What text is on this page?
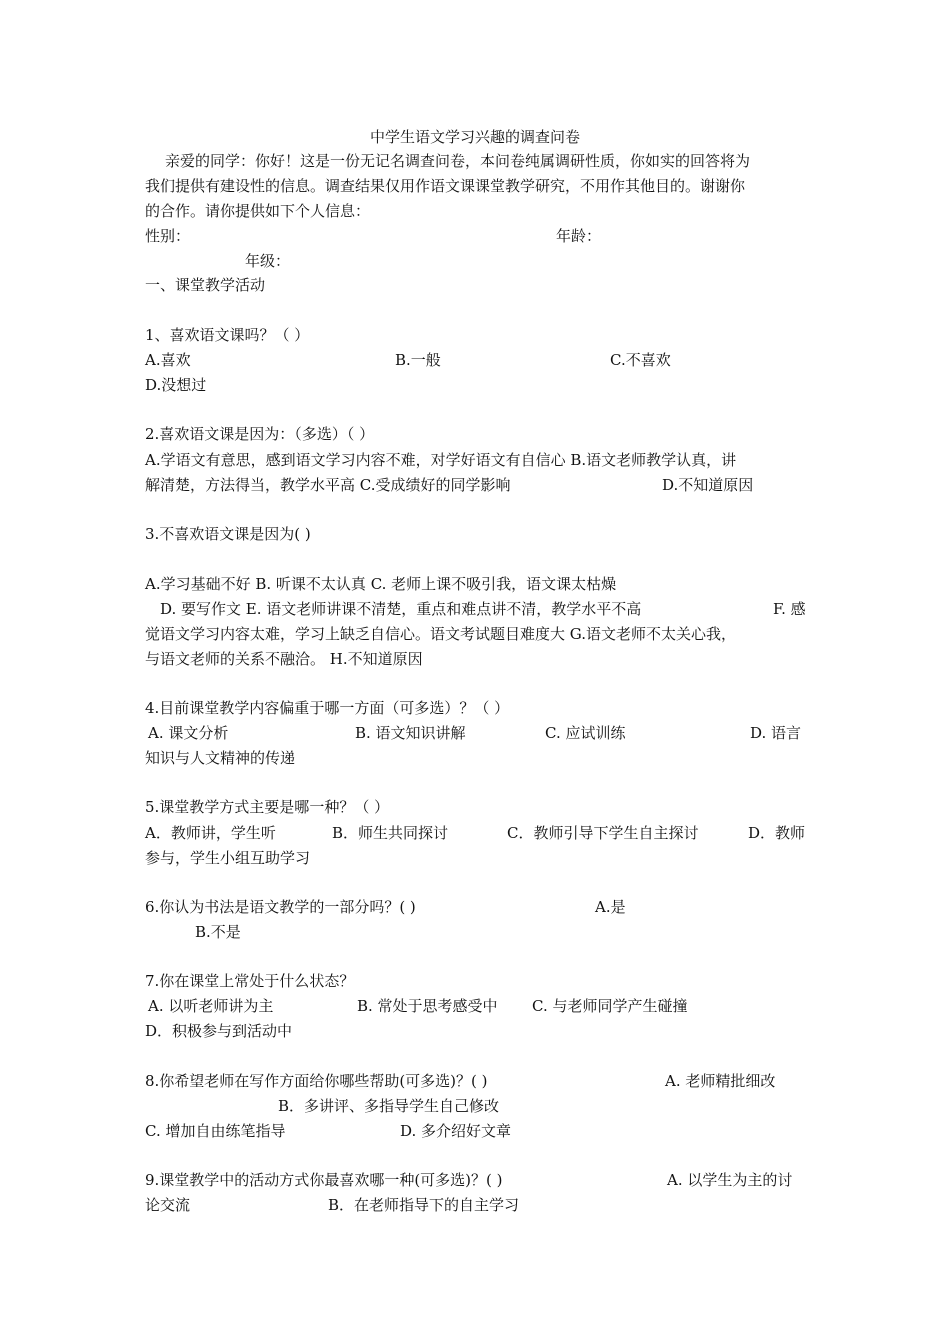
中学生语文学习兴趣的调查问卷
亲爱的同学：你好！这是一份无记名调查问卷，本问卷纯属调研性质，你如实的回答将为
我们提供有建设性的信息。调查结果仅用作语文课课堂教学研究，不用作其他目的。谢谢你
的合作。请你提供如下个人信息：
性别：	年龄：
年级：
一、课堂教学活动
1、喜欢语文课吗？（ ）
A.喜欢	B.一般	C.不喜欢
D.没想过
2.喜欢语文课是因为：（多选）（ ）
A.学语文有意思，感到语文学习内容不难，对学好语文有自信心 B.语文老师教学认真，讲
解清楚，方法得当，教学水平高 C.受成绩好的同学影响	D.不知道原因
3.不喜欢语文课是因为( )
A.学习基础不好 B. 听课不太认真 C. 老师上课不吸引我，语文课太枯燥
D. 要写作文 E. 语文老师讲课不清楚，重点和难点讲不清，教学水平不高	F. 感
觉语文学习内容太难，学习上缺乏自信心。语文考试题目难度大 G.语文老师不太关心我，
与语文老师的关系不融洽。 H.不知道原因
4.目前课堂教学内容偏重于哪一方面（可多选）？（ ）
A. 课文分析	B. 语文知识讲解	C. 应试训练	D. 语言
知识与人文精神的传递
5.课堂教学方式主要是哪一种？（ ）
A．教师讲，学生听	B．师生共同探讨	C．教师引导下学生自主探讨	D．教师
参与，学生小组互助学习
6.你认为书法是语文教学的一部分吗？( )	A.是
B.不是
7.你在课堂上常处于什么状态？
A. 以听老师讲为主	B. 常处于思考感受中 C. 与老师同学产生碰撞
D．积极参与到活动中
8.你希望老师在写作方面给你哪些帮助(可多选)？( )	A. 老师精批细改
B．多讲评、多指导学生自己修改
C. 增加自由练笔指导	D. 多介绍好文章
9.课堂教学中的活动方式你最喜欢哪一种(可多选)？( )	A. 以学生为主的讨
论交流	B．在老师指导下的自主学习
